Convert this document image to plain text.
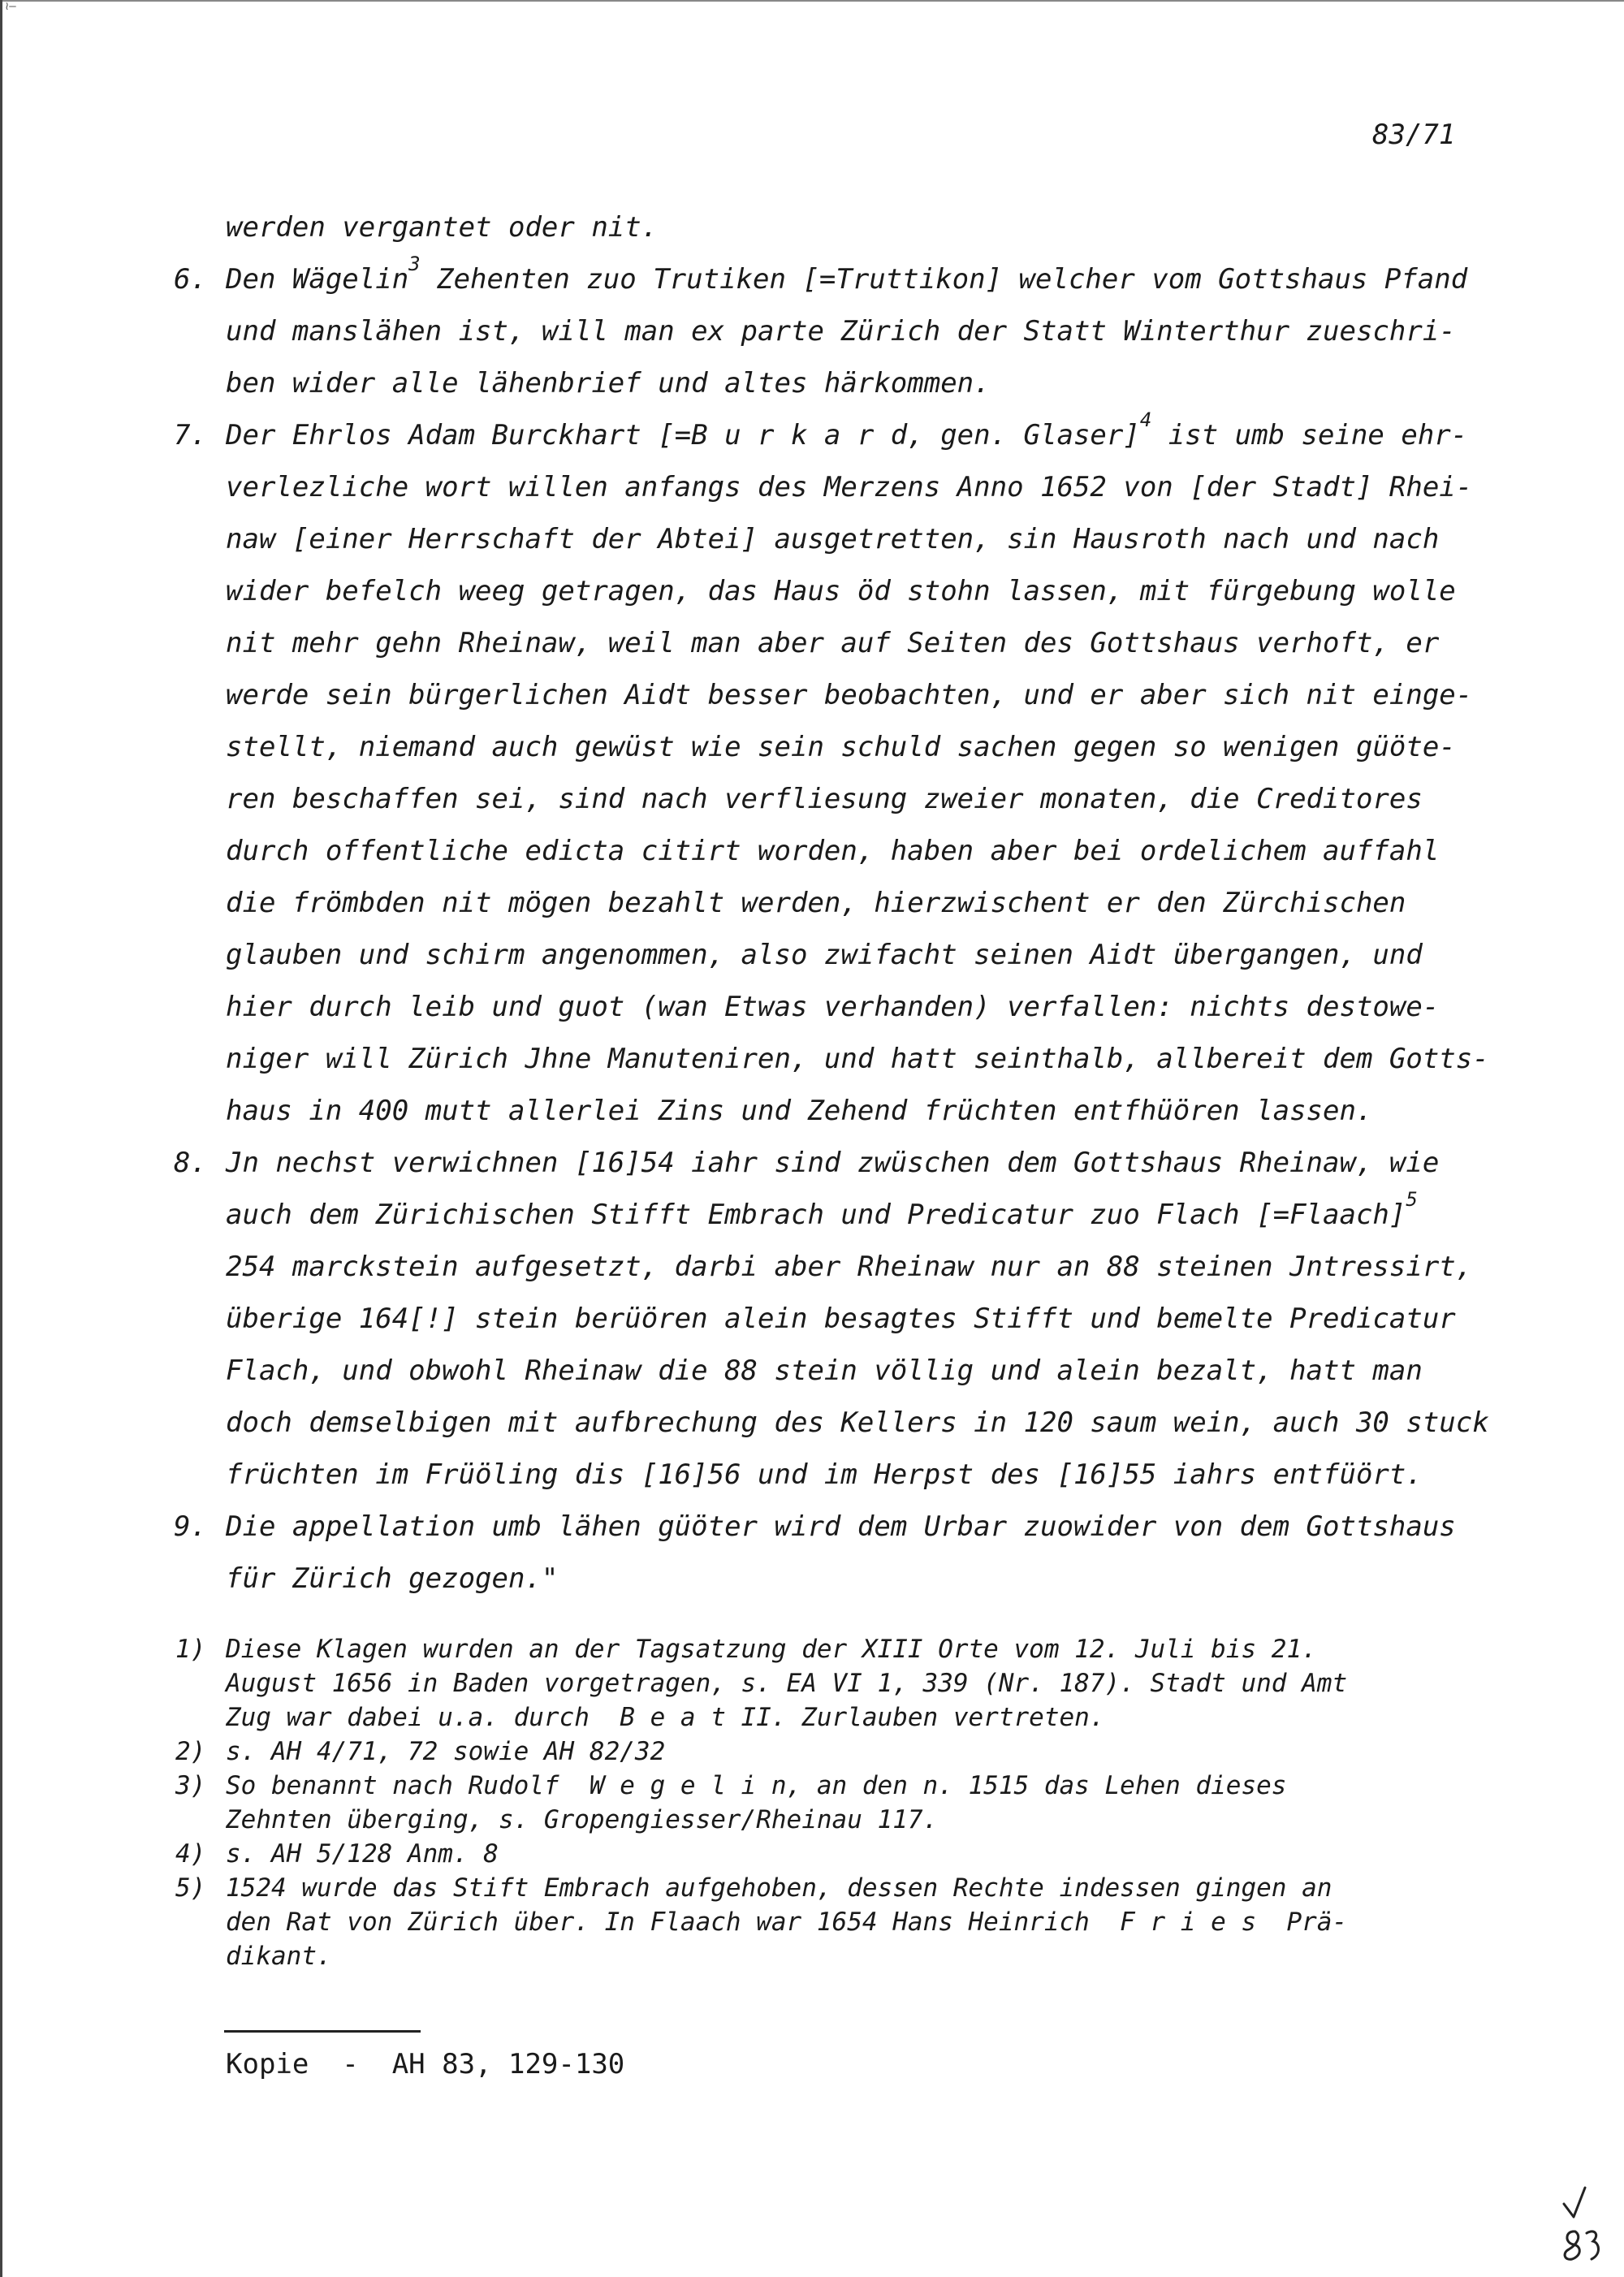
≀–
83/71
werden vergantet oder nit.
6. Den Wägelin$^3$ Zehenten zuo Trutiken [=Truttikon] welcher vom Gottshaus Pfand
und manslähen ist, will man ex parte Zürich der Statt Winterthur zueschri-
ben wider alle lähenbrief und altes härkommen.
7. Der Ehrlos Adam Burckhart [=B u r k a r d, gen. Glaser]$^4$ ist umb seine ehr-
verlezliche wort willen anfangs des Merzens Anno 1652 von [der Stadt] Rhei-
naw [einer Herrschaft der Abtei] ausgetretten, sin Hausroth nach und nach
wider befelch weeg getragen, das Haus öd stohn lassen, mit fürgebung wolle
nit mehr gehn Rheinaw, weil man aber auf Seiten des Gottshaus verhoft, er
werde sein bürgerlichen Aidt besser beobachten, und er aber sich nit einge-
stellt, niemand auch gewüst wie sein schuld sachen gegen so wenigen güöte-
ren beschaffen sei, sind nach verfliesung zweier monaten, die Creditores
durch offentliche edicta citirt worden, haben aber bei ordelichem auffahl
die frömbden nit mögen bezahlt werden, hierzwischent er den Zürchischen
glauben und schirm angenommen, also zwifacht seinen Aidt übergangen, und
hier durch leib und guot (wan Etwas verhanden) verfallen: nichts destowe-
niger will Zürich Jhne Manuteniren, und hatt seinthalb, allbereit dem Gotts-
haus in 400 mutt allerlei Zins und Zehend früchten entfhüören lassen.
8. Jn nechst verwichnen [16]54 iahr sind zwüschen dem Gottshaus Rheinaw, wie
auch dem Zürichischen Stifft Embrach und Predicatur zuo Flach [=Flaach]$^5$
254 marckstein aufgesetzt, darbi aber Rheinaw nur an 88 steinen Jntressirt,
überige 164[!] stein berüören alein besagtes Stifft und bemelte Predicatur
Flach, und obwohl Rheinaw die 88 stein völlig und alein bezalt, hatt man
doch demselbigen mit aufbrechung des Kellers in 120 saum wein, auch 30 stuck
früchten im Früöling dis [16]56 und im Herpst des [16]55 iahrs entfüört.
9. Die appellation umb lähen güöter wird dem Urbar zuowider von dem Gottshaus
für Zürich gezogen."
1) Diese Klagen wurden an der Tagsatzung der XIII Orte vom 12. Juli bis 21.
August 1656 in Baden vorgetragen, s. EA VI 1, 339 (Nr. 187). Stadt und Amt
Zug war dabei u.a. durch  B e a t II. Zurlauben vertreten.
2) s. AH 4/71, 72 sowie AH 82/32
3) So benannt nach Rudolf  W e g e l i n, an den n. 1515 das Lehen dieses
Zehnten überging, s. Gropengiesser/Rheinau 117.
4) s. AH 5/128 Anm. 8
5) 1524 wurde das Stift Embrach aufgehoben, dessen Rechte indessen gingen an
den Rat von Zürich über. In Flaach war 1654 Hans Heinrich  F r i e s  Prä-
dikant.
Kopie  -  AH 83, 129-130
